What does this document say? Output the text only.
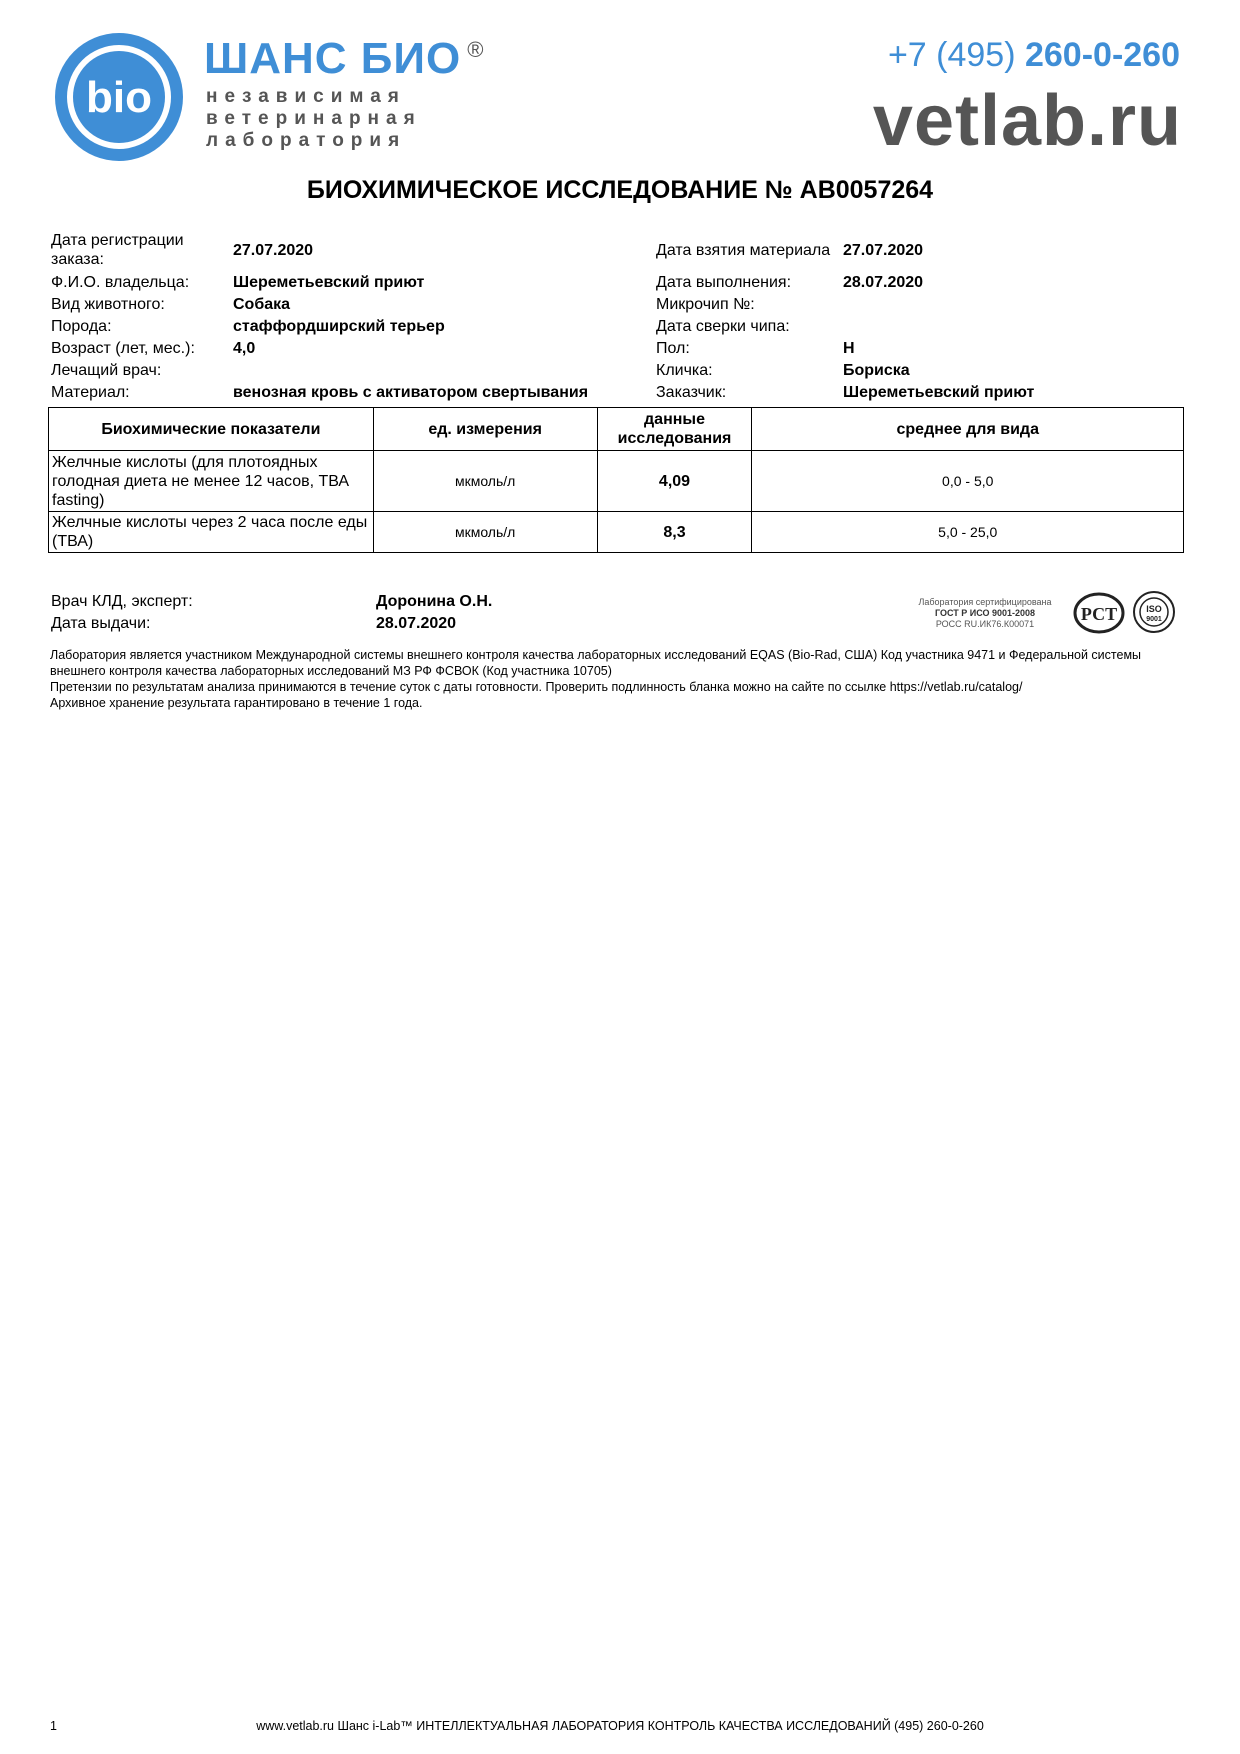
bio
ШАНС БИО ®
независимая
ветеринарная
лаборатория
+7 (495) 260-0-260
vetlab.ru
БИОХИМИЧЕСКОЕ ИССЛЕДОВАНИЕ № AB0057264
Дата регистрации заказа:
27.07.2020
Ф.И.О. владельца:	Шереметьевский приют
Вид животного:	Собака
Порода:	стаффордширский терьер
Возраст (лет, мес.): 4,0
Лечащий врач:
Материал:	венозная кровь с активатором свертывания
Дата взятия материала 27.07.2020
Дата выполнения:	28.07.2020
Микрочип №:
Дата сверки чипа:
Пол:	Н
Кличка:	Бориска
Заказчик:	Шереметьевский приют
Биохимические показатели	ед. измерения	данные исследования	среднее для вида
Желчные кислоты (для плотоядных голодная диета не менее 12 часов, ТВА fasting)	мкмоль/л	4,09	0,0 - 5,0
Желчные кислоты через 2 часа после еды (ТВА)	мкмоль/л	8,3	5,0 - 25,0
Врач КЛД, эксперт:	Доронина О.Н.
Дата выдачи:	28.07.2020
Лаборатория сертифицирована
ГОСТ Р ИСО 9001-2008
РОСС RU.ИК76.К00071	РСТ	ISO
9001
Лаборатория является участником Международной системы внешнего контроля качества лабораторных исследований EQAS (Bio-Rad, США) Код участника 9471 и Федеральной системы внешнего контроля качества лабораторных исследований МЗ РФ ФСВОК (Код участника 10705)
Претензии по результатам анализа принимаются в течение суток с даты готовности. Проверить подлинность бланка можно на сайте по ссылке https://vetlab.ru/catalog/
Архивное хранение результата гарантировано в течение 1 года.
www.vetlab.ru Шанс i-Lab™ ИНТЕЛЛЕКТУАЛЬНАЯ ЛАБОРАТОРИЯ КОНТРОЛЬ КАЧЕСТВА ИССЛЕДОВАНИЙ (495) 260-0-260
1
